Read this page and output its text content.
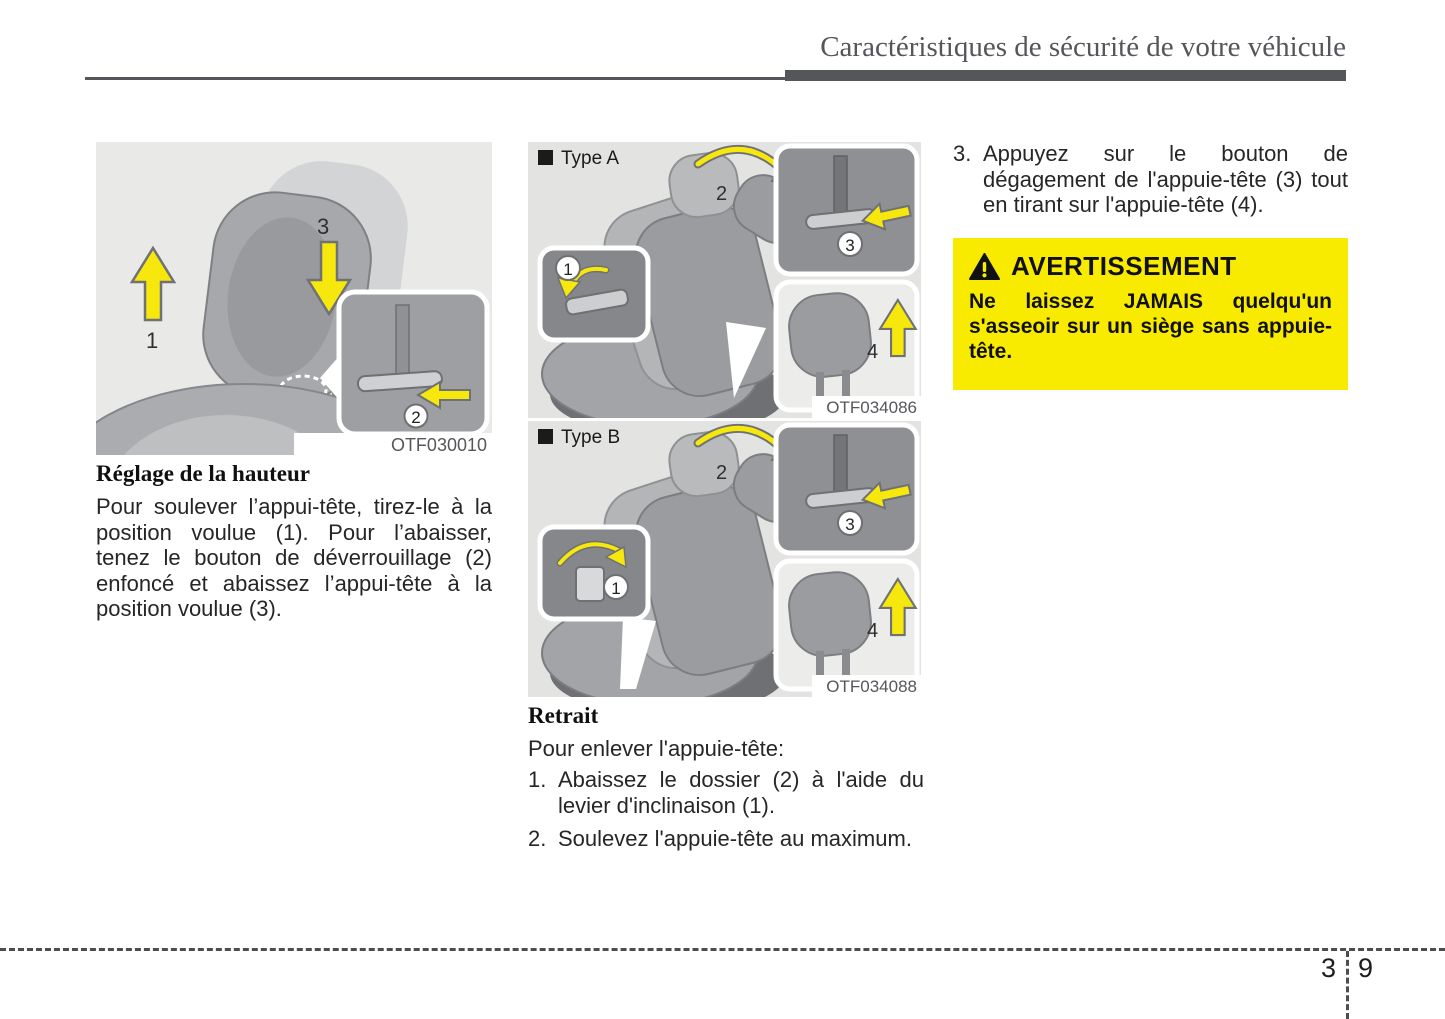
Caractéristiques de sécurité de votre véhicule
1
3
2
OTF030010
Réglage de la hauteur
Pour soulever l’appui-tête, tirez-le à la position voulue (1). Pour l’abaisser, tenez le bouton de déverrouillage (2) enfoncé et abaissez l’appui-tête à la position voulue (3).
Type A
2
1
3
4
OTF034086
Type B
2
1
3
4
OTF034088
Retrait
Pour enlever l'appuie-tête:
1. Abaissez le dossier (2) à l'aide du levier d'inclinaison (1).
2. Soulevez l'appuie-tête au maximum.
3. Appuyez sur le bouton de dégagement de l'appuie-tête (3) tout en tirant sur l'appuie-tête (4).
AVERTISSEMENT
Ne laissez JAMAIS quelqu'un s'asseoir sur un siège sans appuie-tête.
3 9
